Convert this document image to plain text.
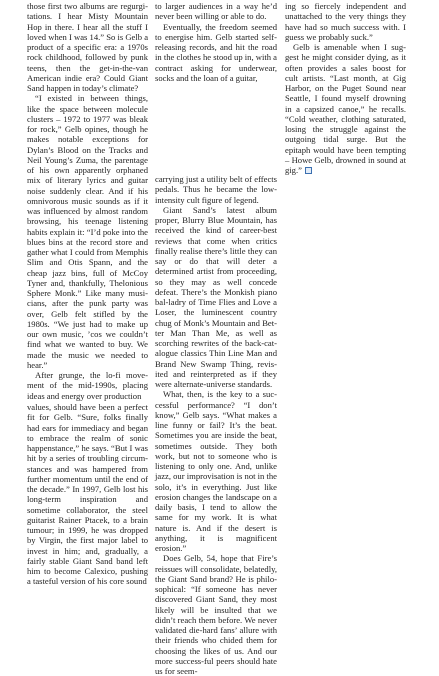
those first two albums are regurgi-tations. I hear Misty Mountain Hop in there. I hear all the stuff I loved when I was 14.” So is Gelb a product of a specific era: a 1970s rock childhood, followed by punk teens, then the get-in-the-van American indie era? Could Giant Sand happen in today’s climate?

“I existed in between things, like the space between molecule clusters – 1972 to 1977 was bleak for rock,” Gelb opines, though he makes notable exceptions for Dylan’s Blood on the Tracks and Neil Young’s Zuma, the parentage of his own apparently orphaned mix of literary lyrics and guitar noise suddenly clear. And if his omnivorous music sounds as if it was influenced by almost random browsing, his teenage listening habits explain it: “I’d poke into the blues bins at the record store and gather what I could from Memphis Slim and Otis Spann, and the cheap jazz bins, full of McCoy Tyner and, thankfully, Thelonious Sphere Monk.” Like many musi-cians, after the punk party was over, Gelb felt stifled by the 1980s. “We just had to make up our own music, ’cos we couldn’t find what we wanted to buy. We made the music we needed to hear.”

After grunge, the lo-fi move-ment of the mid-1990s, placing ideas and energy over production

values, should have been a perfect fit for Gelb. “Sure, folks finally had ears for immediacy and began to embrace the realm of sonic happenstance,” he says. “But I was hit by a series of troubling circum-stances and was hampered from further momentum until the end of the decade.” In 1997, Gelb lost his long-term inspiration and sometime collaborator, the steel guitarist Rainer Ptacek, to a brain tumour; in 1999, he was dropped by Virgin, the first major label to invest in him; and, gradually, a fairly stable Giant Sand band left him to become Calexico, pushing a tasteful version of his core sound

to larger audiences in a way he’d never been willing or able to do.

Eventually, the freedom seemed to energise him. Gelb started self-releasing records, and hit the road in the clothes he stood up in, with a contract asking for underwear, socks and the loan of a guitar,

carrying just a utility belt of effects pedals. Thus he became the low-intensity cult figure of legend.

Giant Sand’s latest album proper, Blurry Blue Mountain, has received the kind of career-best reviews that come when critics finally realise there’s little they can say or do that will deter a determined artist from proceeding, so they may as well concede defeat. There’s the Monkish piano bal-ladry of Time Flies and Love a Loser, the luminescent country chug of Monk’s Mountain and Bet-ter Man Than Me, as well as scorching rewrites of the back-cat-alogue classics Thin Line Man and Brand New Swamp Thing, revis-ited and reinterpreted as if they were alternate-universe standards.

What, then, is the key to a suc-cessful performance? “I don’t know,” Gelb says. “What makes a line funny or fail? It’s the beat. Sometimes you are inside the beat, sometimes outside. They both work, but not to someone who is listening to only one. And, unlike jazz, our improvisation is not in the solo, it’s in everything. Just like erosion changes the landscape on a daily basis, I tend to allow the same for my work. It is what nature is. And if the desert is anything, it is magnificent erosion.”

Does Gelb, 54, hope that Fire’s reissues will consolidate, belatedly, the Giant Sand brand? He is philo-sophical: “If someone has never discovered Giant Sand, they most likely will be insulted that we didn’t reach them before. We never validated die-hard fans’ allure with their friends who chided them for choosing the likes of us. And our more success-ful peers should hate us for seem-

ing so fiercely independent and unattached to the very things they have had so much success with. I guess we probably suck.”

Gelb is amenable when I sug-gest he might consider dying, as it often provides a sales boost for cult artists. “Last month, at Gig Harbor, on the Puget Sound near Seattle, I found myself drowning in a capsized canoe,” he recalls. “Cold weather, clothing saturated, losing the struggle against the outgoing tidal surge. But the epitaph would have been tempting – Howe Gelb, drowned in sound at gig.”
